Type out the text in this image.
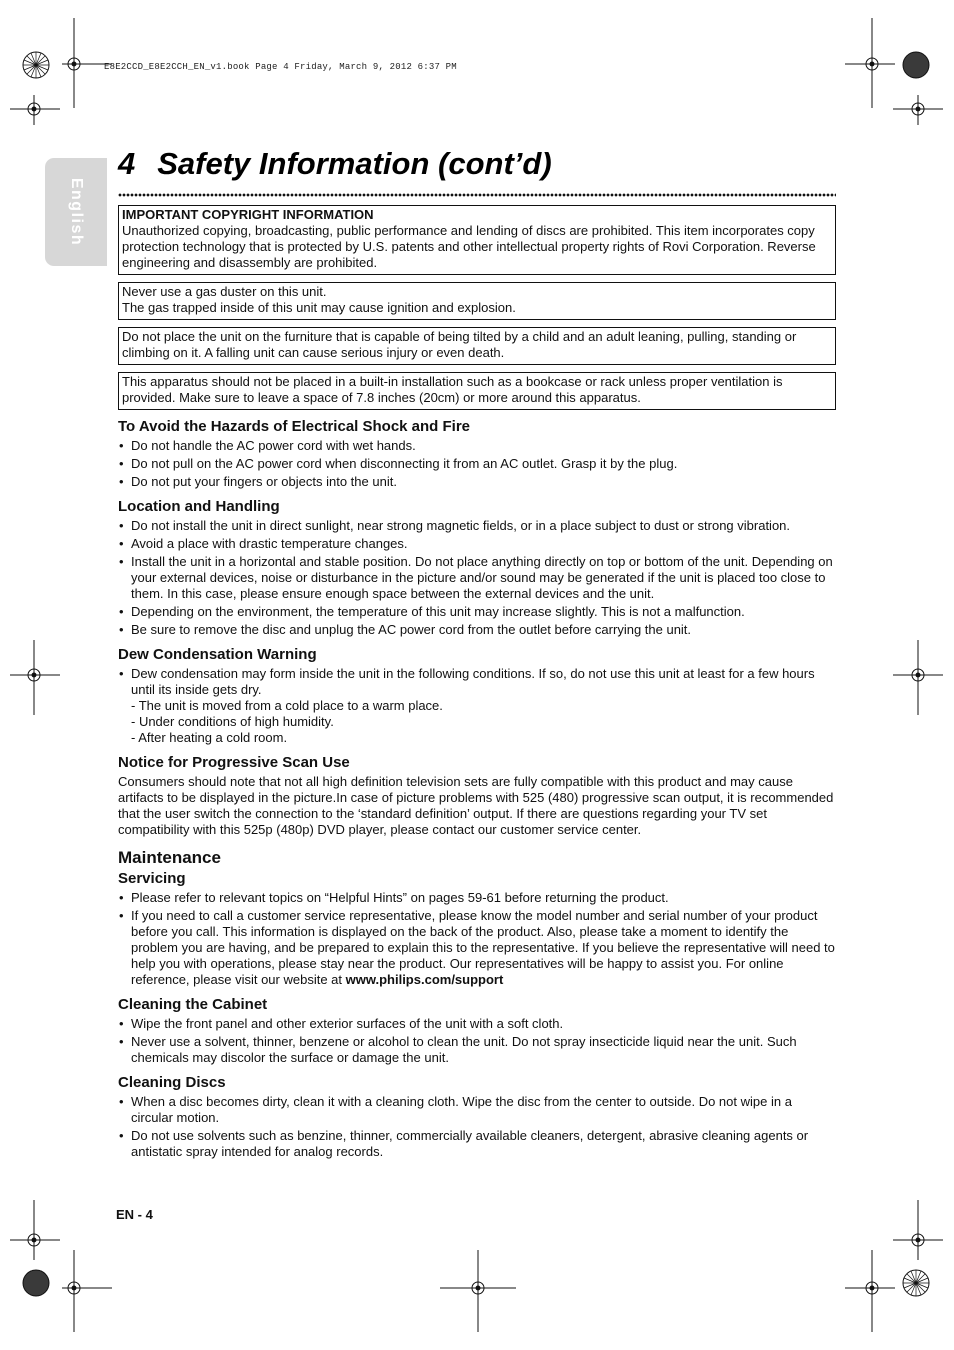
E8E2CCD_E8E2CCH_EN_v1.book Page 4 Friday, March 9, 2012 6:37 PM
English
4 Safety Information (cont’d)

IMPORTANT COPYRIGHT INFORMATION

Unauthorized copying, broadcasting, public performance and lending of discs are prohibited. This item incorporates copy protection technology that is protected by U.S. patents and other intellectual property rights of Rovi Corporation. Reverse engineering and disassembly are prohibited.

Never use a gas duster on this unit.

The gas trapped inside of this unit may cause ignition and explosion.

Do not place the unit on the furniture that is capable of being tilted by a child and an adult leaning, pulling, standing or climbing on it. A falling unit can cause serious injury or even death.

This apparatus should not be placed in a built-in installation such as a bookcase or rack unless proper ventilation is provided. Make sure to leave a space of 7.8 inches (20cm) or more around this apparatus.

To Avoid the Hazards of Electrical Shock and Fire
• Do not handle the AC power cord with wet hands.
• Do not pull on the AC power cord when disconnecting it from an AC outlet. Grasp it by the plug.
• Do not put your fingers or objects into the unit.
Location and Handling
• Do not install the unit in direct sunlight, near strong magnetic fields, or in a place subject to dust or strong vibration.
• Avoid a place with drastic temperature changes.
• Install the unit in a horizontal and stable position. Do not place anything directly on top or bottom of the unit. Depending on your external devices, noise or disturbance in the picture and/or sound may be generated if the unit is placed too close to them. In this case, please ensure enough space between the external devices and the unit.
• Depending on the environment, the temperature of this unit may increase slightly. This is not a malfunction.
• Be sure to remove the disc and unplug the AC power cord from the outlet before carrying the unit.
Dew Condensation Warning
• Dew condensation may form inside the unit in the following conditions. If so, do not use this unit at least for a few hours until its inside gets dry.
- The unit is moved from a cold place to a warm place.
- Under conditions of high humidity.
- After heating a cold room.
Notice for Progressive Scan Use

Consumers should note that not all high definition television sets are fully compatible with this product and may cause artifacts to be displayed in the picture.In case of picture problems with 525 (480) progressive scan output, it is recommended that the user switch the connection to the ‘standard definition’ output. If there are questions regarding your TV set compatibility with this 525p (480p) DVD player, please contact our customer service center.

Maintenance
Servicing
• Please refer to relevant topics on “Helpful Hints” on pages 59-61 before returning the product.
• If you need to call a customer service representative, please know the model number and serial number of your product before you call. This information is displayed on the back of the product. Also, please take a moment to identify the problem you are having, and be prepared to explain this to the representative. If you believe the representative will need to help you with operations, please stay near the product. Our representatives will be happy to assist you. For online reference, please visit our website at www.philips.com/support
Cleaning the Cabinet
• Wipe the front panel and other exterior surfaces of the unit with a soft cloth.
• Never use a solvent, thinner, benzene or alcohol to clean the unit. Do not spray insecticide liquid near the unit. Such chemicals may discolor the surface or damage the unit.
Cleaning Discs
• When a disc becomes dirty, clean it with a cleaning cloth. Wipe the disc from the center to outside. Do not wipe in a circular motion.
• Do not use solvents such as benzine, thinner, commercially available cleaners, detergent, abrasive cleaning agents or antistatic spray intended for analog records.
EN - 4
